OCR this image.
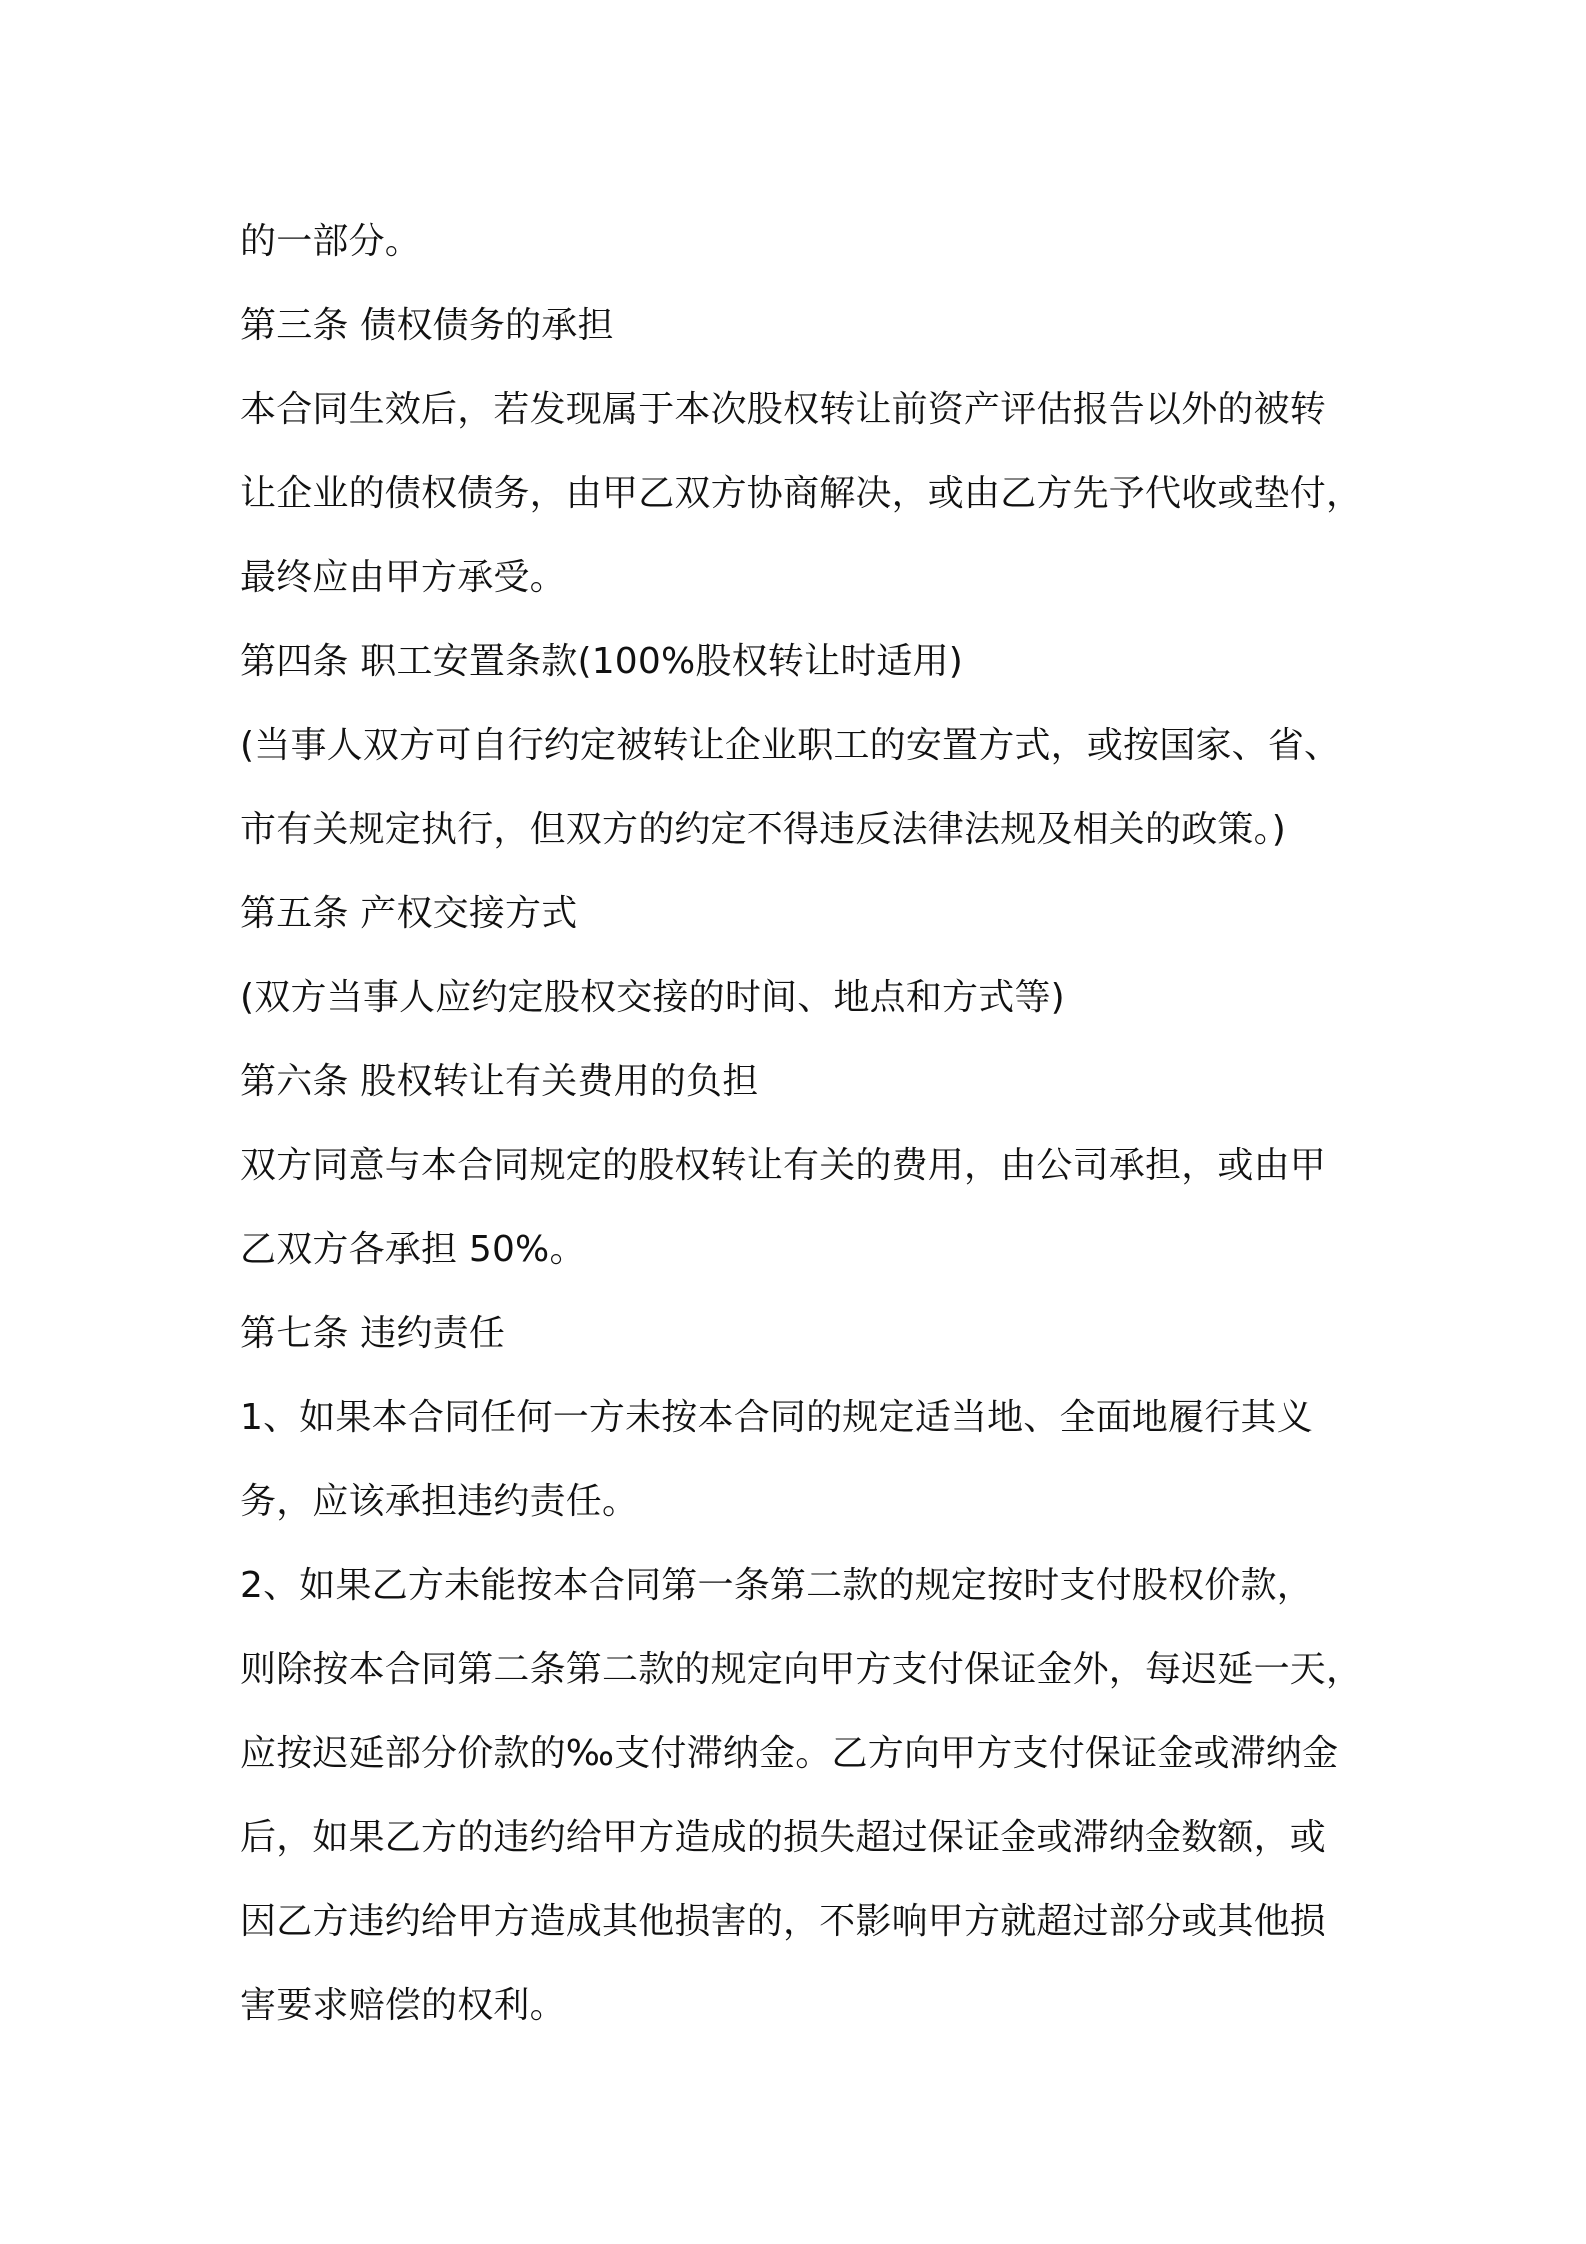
的一部分。

第三条 债权债务的承担

本合同生效后，若发现属于本次股权转让前资产评估报告以外的被转

让企业的债权债务，由甲乙双方协商解决，或由乙方先予代收或垫付，

最终应由甲方承受。

第四条 职工安置条款(100%股权转让时适用)

(当事人双方可自行约定被转让企业职工的安置方式，或按国家、省、

市有关规定执行，但双方的约定不得违反法律法规及相关的政策。)

第五条 产权交接方式

(双方当事人应约定股权交接的时间、地点和方式等)

第六条 股权转让有关费用的负担

双方同意与本合同规定的股权转让有关的费用，由公司承担，或由甲

乙双方各承担 50%。

第七条 违约责任

1、如果本合同任何一方未按本合同的规定适当地、全面地履行其义

务，应该承担违约责任。

2、如果乙方未能按本合同第一条第二款的规定按时支付股权价款，

则除按本合同第二条第二款的规定向甲方支付保证金外，每迟延一天，

应按迟延部分价款的‰支付滞纳金。乙方向甲方支付保证金或滞纳金

后，如果乙方的违约给甲方造成的损失超过保证金或滞纳金数额，或

因乙方违约给甲方造成其他损害的，不影响甲方就超过部分或其他损

害要求赔偿的权利。
